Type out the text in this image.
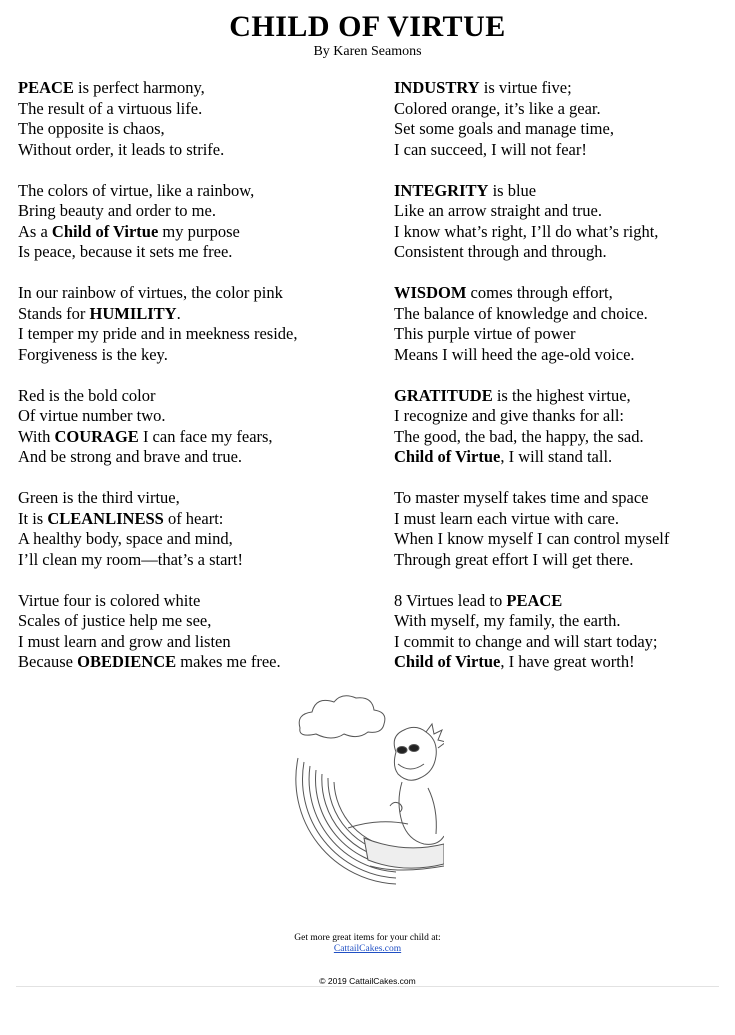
CHILD OF VIRTUE
By Karen Seamons
PEACE is perfect harmony,
The result of a virtuous life.
The opposite is chaos,
Without order, it leads to strife.
The colors of virtue, like a rainbow,
Bring beauty and order to me.
As a Child of Virtue my purpose
Is peace, because it sets me free.
In our rainbow of virtues, the color pink
Stands for HUMILITY.
I temper my pride and in meekness reside,
Forgiveness is the key.
Red is the bold color
Of virtue number two.
With COURAGE I can face my fears,
And be strong and brave and true.
Green is the third virtue,
It is CLEANLINESS of heart:
A healthy body, space and mind,
I’ll clean my room—that’s a start!
Virtue four is colored white
Scales of justice help me see,
I must learn and grow and listen
Because OBEDIENCE makes me free.
INDUSTRY is virtue five;
Colored orange, it’s like a gear.
Set some goals and manage time,
I can succeed, I will not fear!
INTEGRITY is blue
Like an arrow straight and true.
I know what’s right, I’ll do what’s right,
Consistent through and through.
WISDOM comes through effort,
The balance of knowledge and choice.
This purple virtue of power
Means I will heed the age-old voice.
GRATITUDE is the highest virtue,
I recognize and give thanks for all:
The good, the bad, the happy, the sad.
Child of Virtue, I will stand tall.
To master myself takes time and space
I must learn each virtue with care.
When I know myself I can control myself
Through great effort I will get there.
8 Virtues lead to PEACE
With myself, my family, the earth.
I commit to change and will start today;
Child of Virtue, I have great worth!
Get more great items for your child at:
CattailCakes.com
© 2019 CattailCakes.com
